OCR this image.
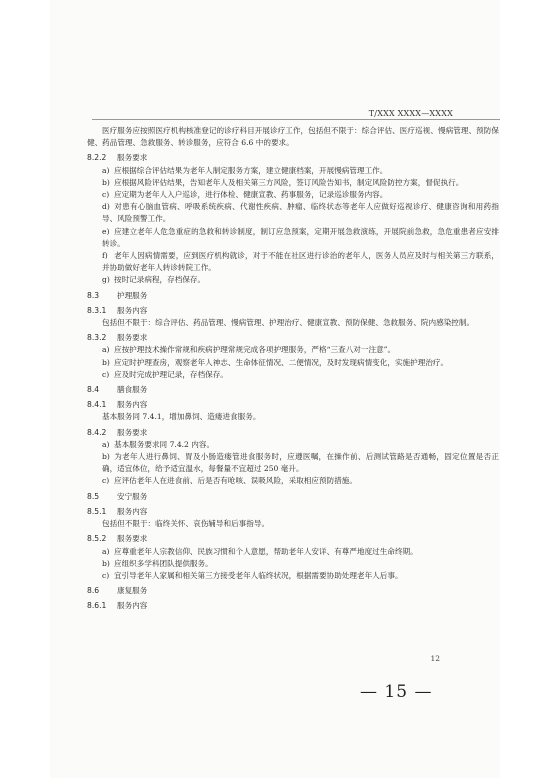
T/XXX XXXX—XXXX

医疗服务应按照医疗机构核准登记的诊疗科目开展诊疗工作，包括但不限于：综合评估、医疗巡视、慢病管理、预防保健、药品管理、急救服务、转诊服务，应符合 6.6 中的要求。

8.2.2 服务要求

a) 应根据综合评估结果为老年人制定服务方案，建立健康档案，开展慢病管理工作。

b) 应根据风险评估结果，告知老年人及相关第三方风险，签订风险告知书，制定风险防控方案，督促执行。

c) 应定期为老年人入户巡诊，进行体检、健康宣教、药事服务，记录巡诊服务内容。

d) 对患有心脑血管病、呼吸系统疾病、代谢性疾病、肿瘤、临终状态等老年人应做好巡视诊疗、健康咨询和用药指导、风险预警工作。

e) 应建立老年人危急重症的急救和转诊制度，制订应急预案，定期开展急救演练，开展院前急救，急危重患者应安排转诊。

f) 老年人因病情需要，应到医疗机构就诊，对于不能在社区进行诊治的老年人，医务人员应及时与相关第三方联系，并协助做好老年人转诊转院工作。

g) 按时记录病程，存档保存。

8.3 护理服务

8.3.1 服务内容

包括但不限于：综合评估、药品管理、慢病管理、护理治疗、健康宣教、预防保健、急救服务、院内感染控制。

8.3.2 服务要求

a) 应按护理技术操作常规和疾病护理常规完成各项护理服务，严格“三查八对一注意”。

b) 应定时护理查房，观察老年人神志、生命体征情况、二便情况，及时发现病情变化，实施护理治疗。

c) 应及时完成护理记录，存档保存。

8.4 膳食服务

8.4.1 服务内容

基本服务同 7.4.1，增加鼻饲、造瘘进食服务。

8.4.2 服务要求

a) 基本服务要求同 7.4.2 内容。

b) 为老年人进行鼻饲、胃及小肠造瘘管进食服务时，应遵医嘱，在操作前、后测试管路是否通畅，固定位置是否正确，适宜体位，给予适宜温水，每餐量不宜超过 250 毫升。

c) 应评估老年人在进食前、后是否有呛咳、误吸风险，采取相应预防措施。

8.5 安宁服务

8.5.1 服务内容

包括但不限于：临终关怀、哀伤辅导和后事指导。

8.5.2 服务要求

a) 应尊重老年人宗教信仰、民族习惯和个人意愿，帮助老年人安详、有尊严地度过生命终期。

b) 应组织多学科团队提供服务。

c) 宜引导老年人家属和相关第三方接受老年人临终状况，根据需要协助处理老年人后事。

8.6 康复服务

8.6.1 服务内容

12
— 15 —
